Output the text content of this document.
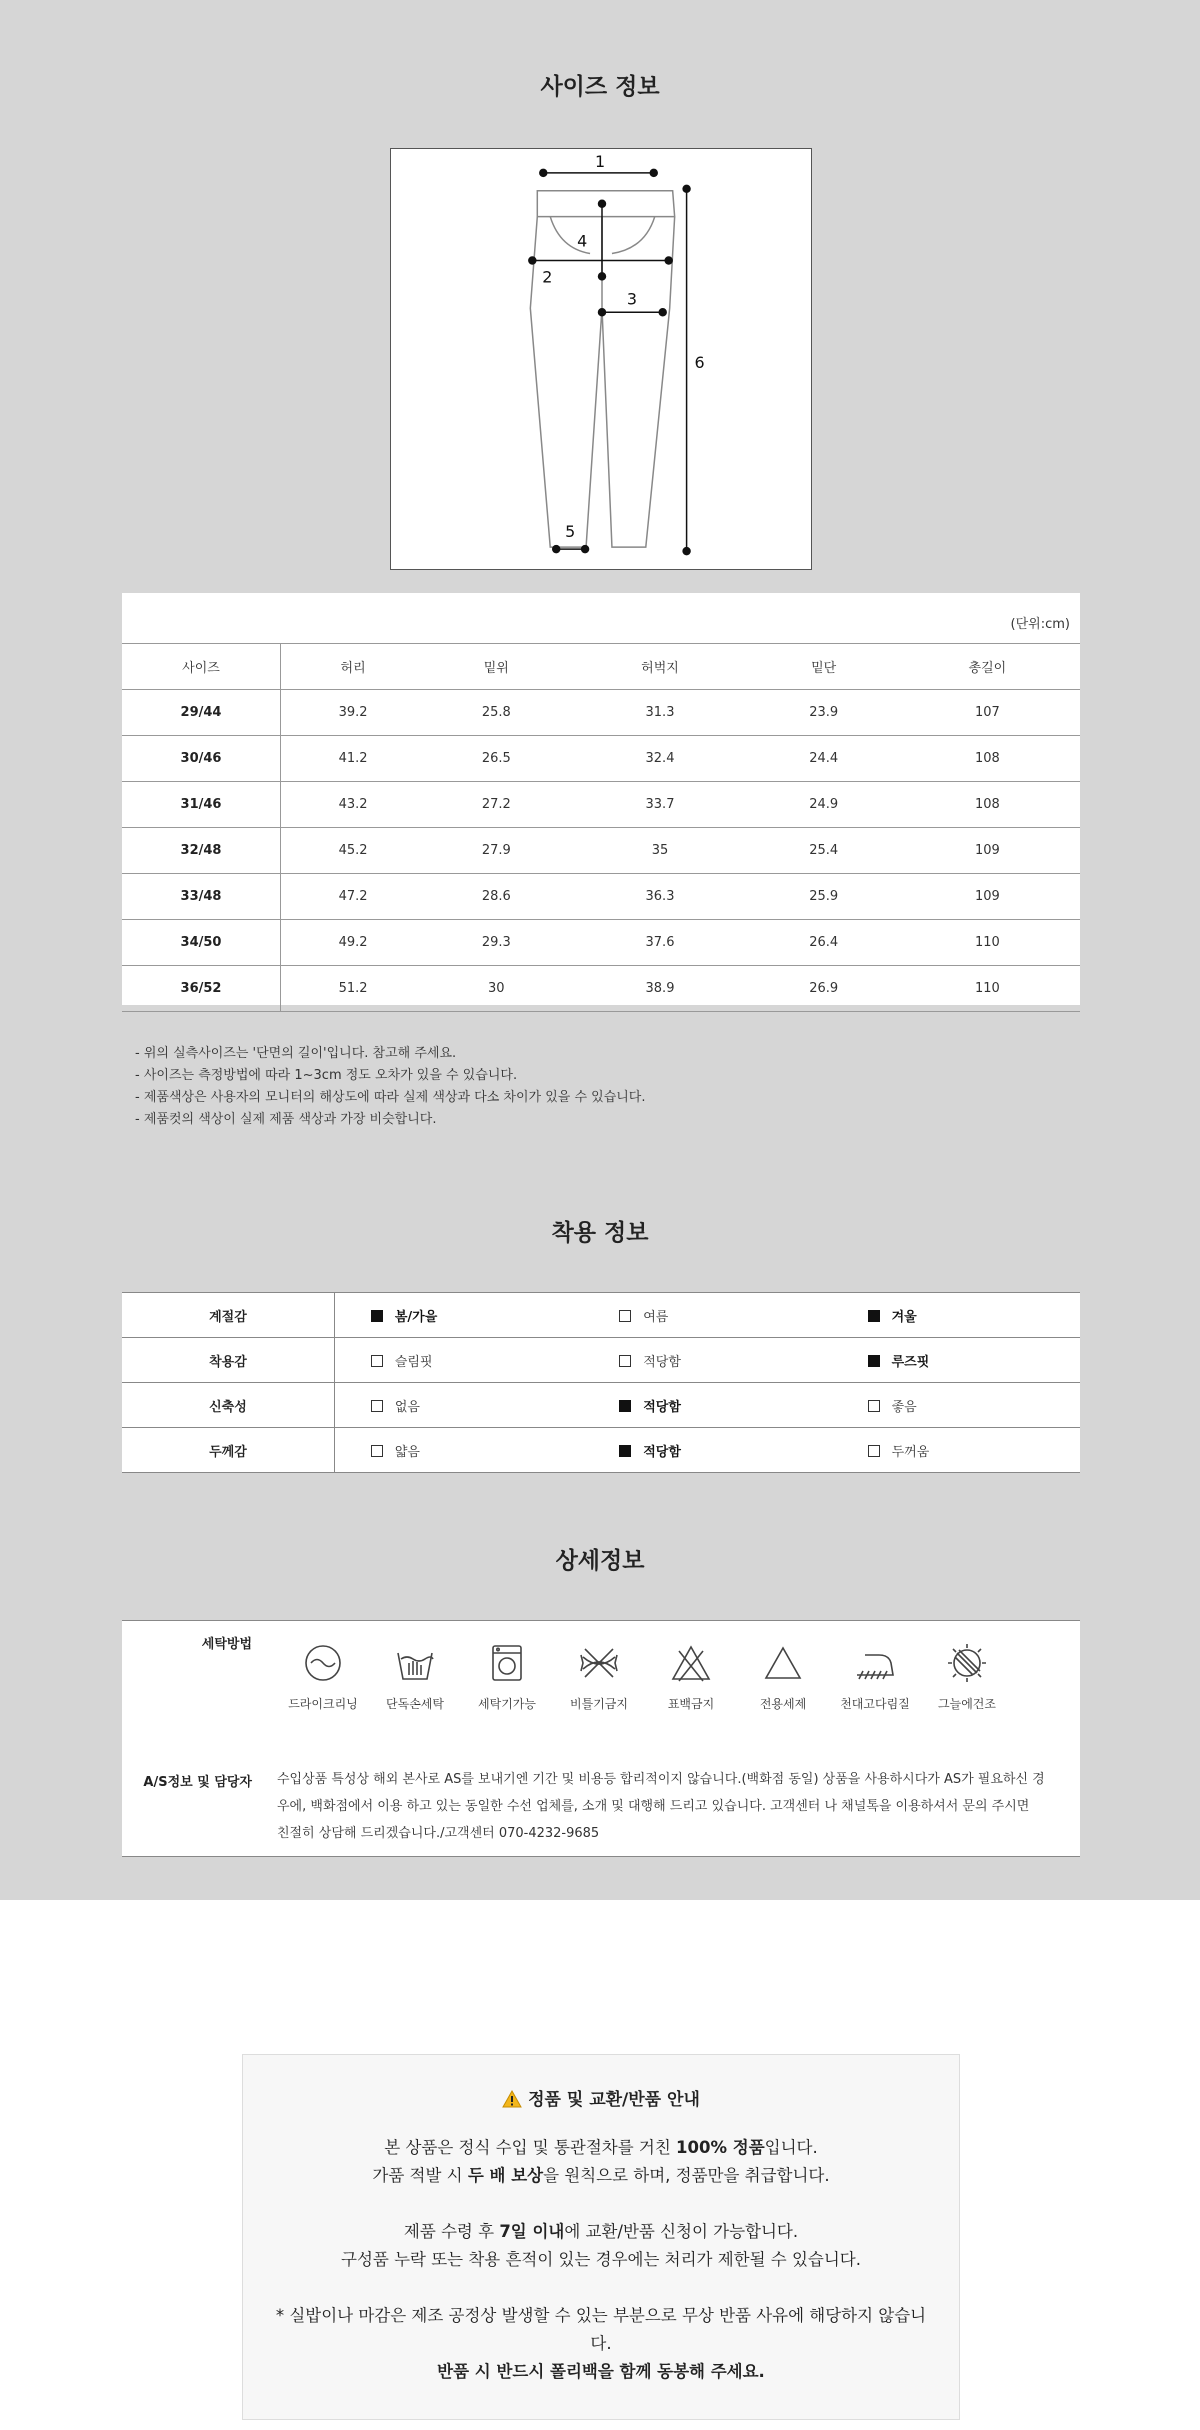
사이즈 정보
1
2
3
4
5
6
(단위:cm)
사이즈	허리	밑위	허벅지	밑단	총길이
29/44	39.2	25.8	31.3	23.9	107
30/46	41.2	26.5	32.4	24.4	108
31/46	43.2	27.2	33.7	24.9	108
32/48	45.2	27.9	35	25.4	109
33/48	47.2	28.6	36.3	25.9	109
34/50	49.2	29.3	37.6	26.4	110
36/52	51.2	30	38.9	26.9	110
- 위의 실측사이즈는 '단면의 길이'입니다. 참고해 주세요.
- 사이즈는 측정방법에 따라 1~3cm 정도 오차가 있을 수 있습니다.
- 제품색상은 사용자의 모니터의 해상도에 따라 실제 색상과 다소 차이가 있을 수 있습니다.
- 제품컷의 색상이 실제 제품 색상과 가장 비슷합니다.
착용 정보
계절감	봄/가을	여름	겨울
착용감	슬림핏	적당함	루즈핏
신축성	없음	적당함	좋음
두께감	얇음	적당함	두꺼움
상세정보
세탁방법
드라이크리닝	단독손세탁	세탁기가능	비틀기금지	표백금지	전용세제	천대고다림질	그늘에건조
A/S정보 및 담당자 수입상품 특성상 해외 본사로 AS를 보내기엔 기간 및 비용등 합리적이지 않습니다.(백화점 동일) 상품을 사용하시다가 AS가 필요하신 경
우에, 백화점에서 이용 하고 있는 동일한 수선 업체를, 소개 및 대행해 드리고 있습니다. 고객센터 나 채널톡을 이용하셔서 문의 주시면
친절히 상담해 드리겠습니다./고객센터 070-4232-9685
정품 및 교환/반품 안내

본 상품은 정식 수입 및 통관절차를 거친 100% 정품입니다.

가품 적발 시 두 배 보상을 원칙으로 하며, 정품만을 취급합니다.

제품 수령 후 7일 이내에 교환/반품 신청이 가능합니다.

구성품 누락 또는 착용 흔적이 있는 경우에는 처리가 제한될 수 있습니다.

* 실밥이나 마감은 제조 공정상 발생할 수 있는 부분으로 무상 반품 사유에 해당하지 않습니

다.

반품 시 반드시 폴리백을 함께 동봉해 주세요.
